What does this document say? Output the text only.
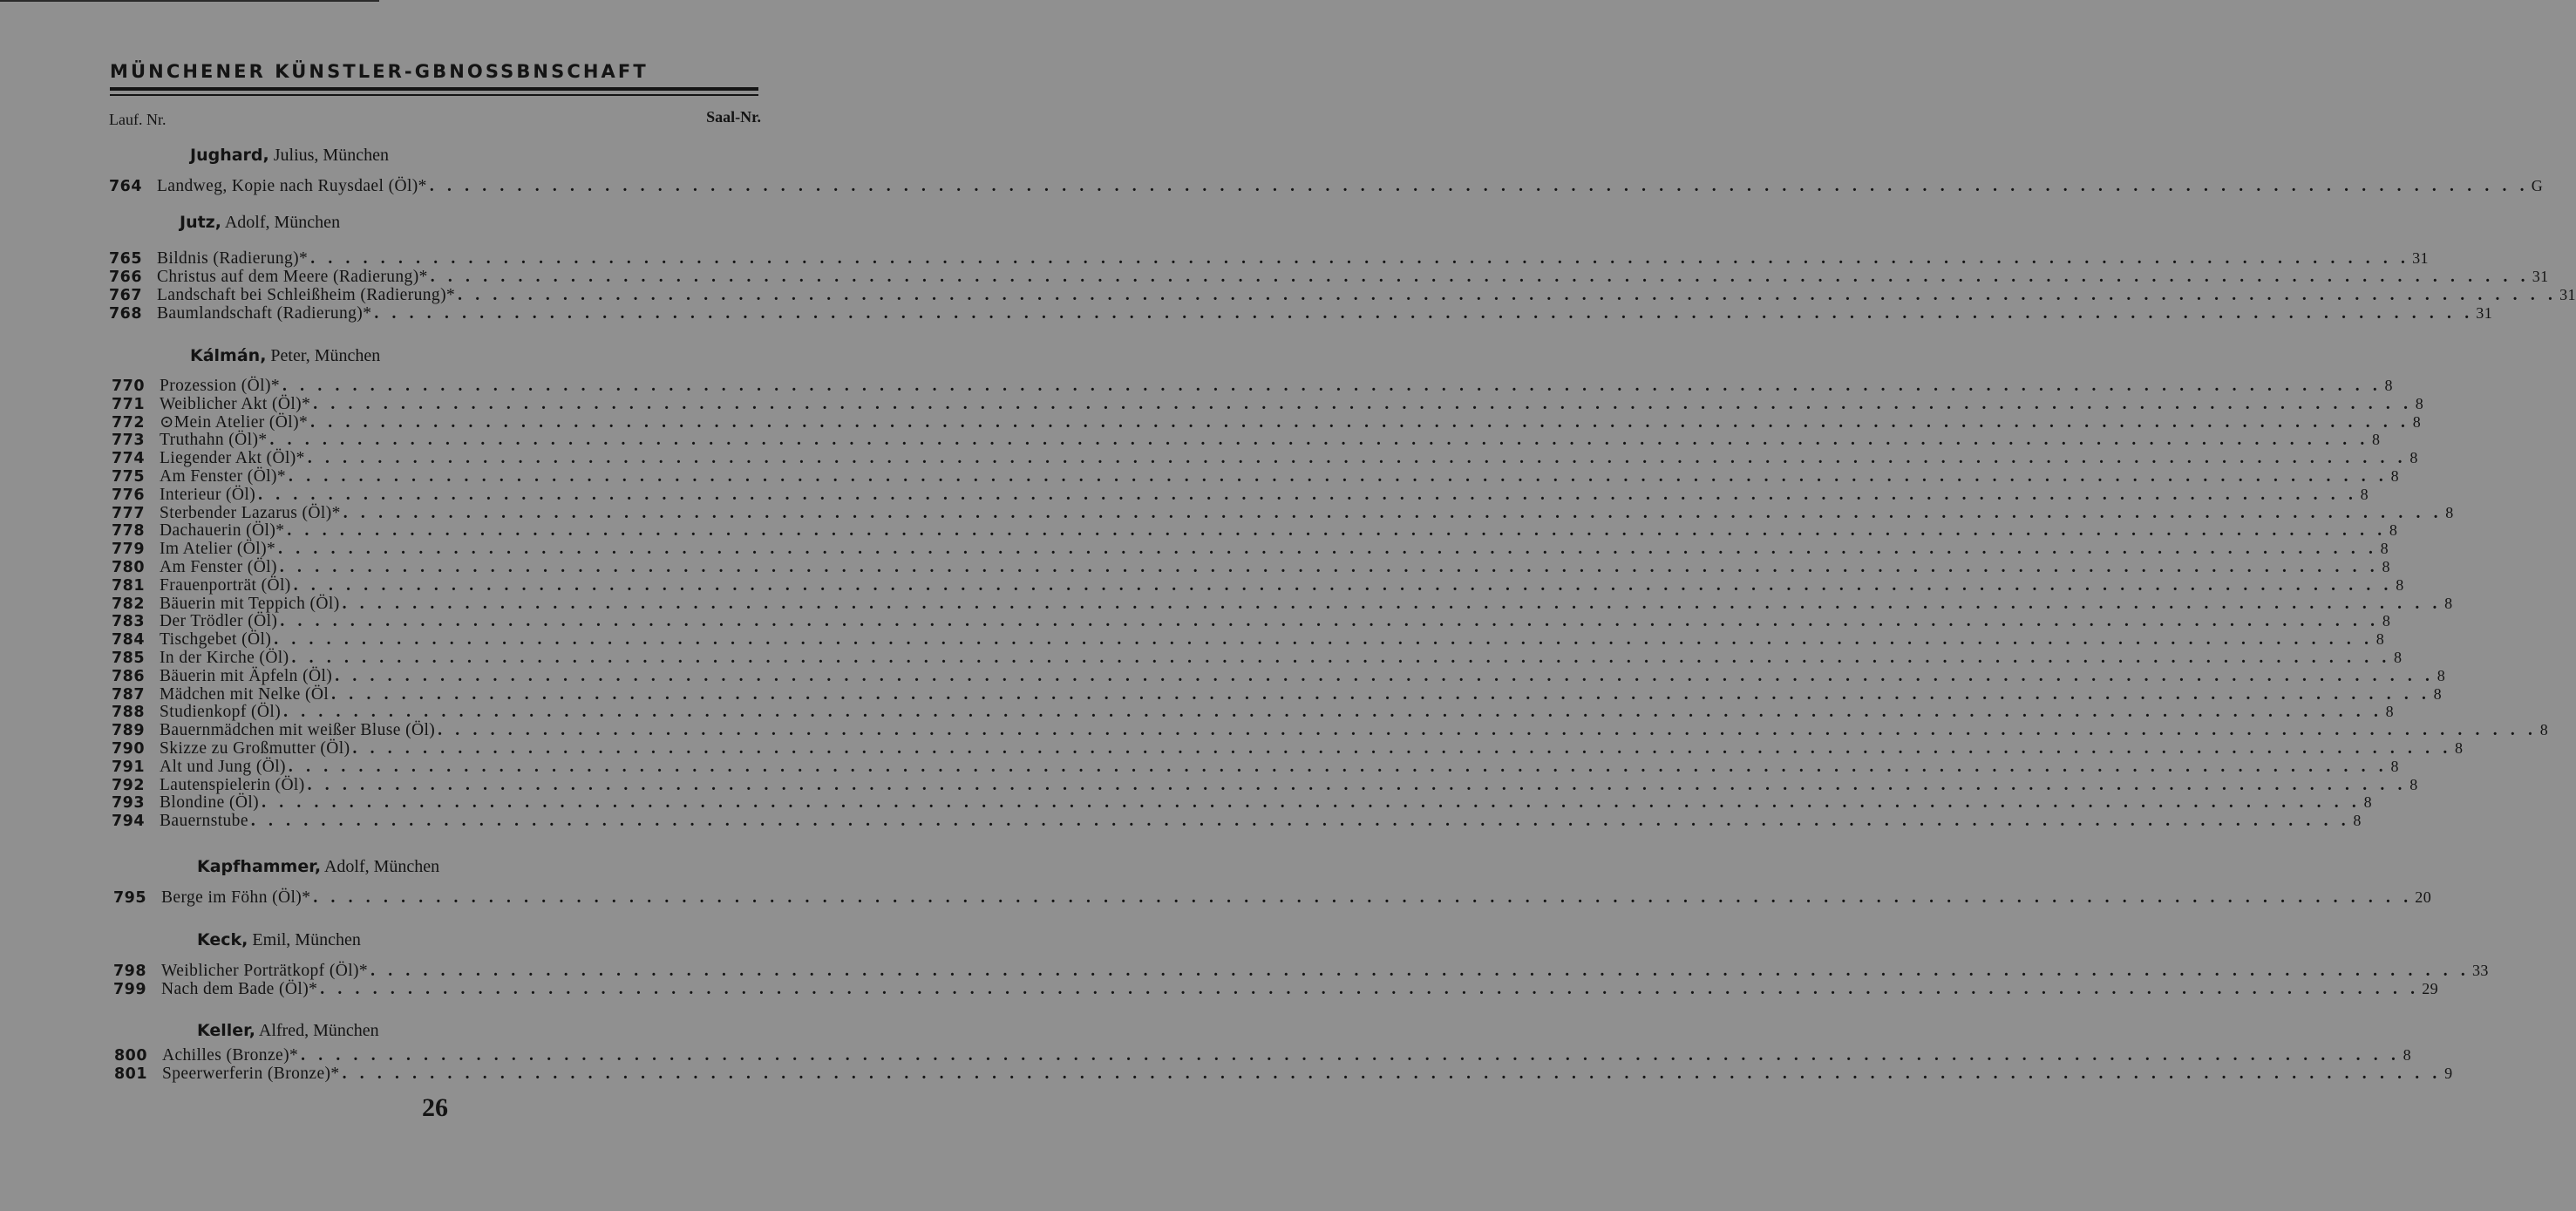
MÜNCHENER KÜNSTLER-GBNOSSBNSCHAFT
Lauf. Nr.	Saal-Nr.
Jughard, Julius, München
764 Landweg, Kopie nach Ruysdael (Öl)* . . . . . . . . . . . . . . . . . . . . . . . . . . . . . . . . . . . . . . . . . . . . . . . . . . . . . . . . . . . . . . . . . . . . . . . . . . . . . . . . . . . . . . . . . . . . . . . . . . . . . . . . . . . . . . . . . . . . . . . . G
Jutz, Adolf, München
765 Bildnis (Radierung)* . . . . . . . . . . . . . . . . . . . . . . . . . . . . . . . . . . . . . . . . . . . . . . . . . . . . . . . . . . . . . . . . . . . . . . . . . . . . . . . . . . . . . . . . . . . . . . . . . . . . . . . . . . . . . . . . . . . . . . . . 31
766 Christus auf dem Meere (Radierung)* . . . . . . . . . . . . . . . . . . . . . . . . . . . . . . . . . . . . . . . . . . . . . . . . . . . . . . . . . . . . . . . . . . . . . . . . . . . . . . . . . . . . . . . . . . . . . . . . . . . . . . . . . . . . . . . . . . . . . . . . 31
767 Landschaft bei Schleißheim (Radierung)* . . . . . . . . . . . . . . . . . . . . . . . . . . . . . . . . . . . . . . . . . . . . . . . . . . . . . . . . . . . . . . . . . . . . . . . . . . . . . . . . . . . . . . . . . . . . . . . . . . . . . . . . . . . . . . . . . . . . . . . . 31
768 Baumlandschaft (Radierung)* . . . . . . . . . . . . . . . . . . . . . . . . . . . . . . . . . . . . . . . . . . . . . . . . . . . . . . . . . . . . . . . . . . . . . . . . . . . . . . . . . . . . . . . . . . . . . . . . . . . . . . . . . . . . . . . . . . . . . . . . 31
Kálmán, Peter, München
770 Prozession (Öl)* . . . . . . . . . . . . . . . . . . . . . . . . . . . . . . . . . . . . . . . . . . . . . . . . . . . . . . . . . . . . . . . . . . . . . . . . . . . . . . . . . . . . . . . . . . . . . . . . . . . . . . . . . . . . . . . . . . . . . . . . 8
771 Weiblicher Akt (Öl)* . . . . . . . . . . . . . . . . . . . . . . . . . . . . . . . . . . . . . . . . . . . . . . . . . . . . . . . . . . . . . . . . . . . . . . . . . . . . . . . . . . . . . . . . . . . . . . . . . . . . . . . . . . . . . . . . . . . . . . . . 8
772 ⊙Mein Atelier (Öl)* . . . . . . . . . . . . . . . . . . . . . . . . . . . . . . . . . . . . . . . . . . . . . . . . . . . . . . . . . . . . . . . . . . . . . . . . . . . . . . . . . . . . . . . . . . . . . . . . . . . . . . . . . . . . . . . . . . . . . . . . 8
773 Truthahn (Öl)* . . . . . . . . . . . . . . . . . . . . . . . . . . . . . . . . . . . . . . . . . . . . . . . . . . . . . . . . . . . . . . . . . . . . . . . . . . . . . . . . . . . . . . . . . . . . . . . . . . . . . . . . . . . . . . . . . . . . . . . . 8
774 Liegender Akt (Öl)* . . . . . . . . . . . . . . . . . . . . . . . . . . . . . . . . . . . . . . . . . . . . . . . . . . . . . . . . . . . . . . . . . . . . . . . . . . . . . . . . . . . . . . . . . . . . . . . . . . . . . . . . . . . . . . . . . . . . . . . . 8
775 Am Fenster (Öl)* . . . . . . . . . . . . . . . . . . . . . . . . . . . . . . . . . . . . . . . . . . . . . . . . . . . . . . . . . . . . . . . . . . . . . . . . . . . . . . . . . . . . . . . . . . . . . . . . . . . . . . . . . . . . . . . . . . . . . . . . 8
776 Interieur (Öl) . . . . . . . . . . . . . . . . . . . . . . . . . . . . . . . . . . . . . . . . . . . . . . . . . . . . . . . . . . . . . . . . . . . . . . . . . . . . . . . . . . . . . . . . . . . . . . . . . . . . . . . . . . . . . . . . . . . . . . . . 8
777 Sterbender Lazarus (Öl)* . . . . . . . . . . . . . . . . . . . . . . . . . . . . . . . . . . . . . . . . . . . . . . . . . . . . . . . . . . . . . . . . . . . . . . . . . . . . . . . . . . . . . . . . . . . . . . . . . . . . . . . . . . . . . . . . . . . . . . . . 8
778 Dachauerin (Öl)* . . . . . . . . . . . . . . . . . . . . . . . . . . . . . . . . . . . . . . . . . . . . . . . . . . . . . . . . . . . . . . . . . . . . . . . . . . . . . . . . . . . . . . . . . . . . . . . . . . . . . . . . . . . . . . . . . . . . . . . . 8
779 Im Atelier (Öl)* . . . . . . . . . . . . . . . . . . . . . . . . . . . . . . . . . . . . . . . . . . . . . . . . . . . . . . . . . . . . . . . . . . . . . . . . . . . . . . . . . . . . . . . . . . . . . . . . . . . . . . . . . . . . . . . . . . . . . . . . 8
780 Am Fenster (Öl) . . . . . . . . . . . . . . . . . . . . . . . . . . . . . . . . . . . . . . . . . . . . . . . . . . . . . . . . . . . . . . . . . . . . . . . . . . . . . . . . . . . . . . . . . . . . . . . . . . . . . . . . . . . . . . . . . . . . . . . . 8
781 Frauenporträt (Öl) . . . . . . . . . . . . . . . . . . . . . . . . . . . . . . . . . . . . . . . . . . . . . . . . . . . . . . . . . . . . . . . . . . . . . . . . . . . . . . . . . . . . . . . . . . . . . . . . . . . . . . . . . . . . . . . . . . . . . . . . 8
782 Bäuerin mit Teppich (Öl) . . . . . . . . . . . . . . . . . . . . . . . . . . . . . . . . . . . . . . . . . . . . . . . . . . . . . . . . . . . . . . . . . . . . . . . . . . . . . . . . . . . . . . . . . . . . . . . . . . . . . . . . . . . . . . . . . . . . . . . . 8
783 Der Trödler (Öl) . . . . . . . . . . . . . . . . . . . . . . . . . . . . . . . . . . . . . . . . . . . . . . . . . . . . . . . . . . . . . . . . . . . . . . . . . . . . . . . . . . . . . . . . . . . . . . . . . . . . . . . . . . . . . . . . . . . . . . . . 8
784 Tischgebet (Öl) . . . . . . . . . . . . . . . . . . . . . . . . . . . . . . . . . . . . . . . . . . . . . . . . . . . . . . . . . . . . . . . . . . . . . . . . . . . . . . . . . . . . . . . . . . . . . . . . . . . . . . . . . . . . . . . . . . . . . . . . 8
785 In der Kirche (Öl) . . . . . . . . . . . . . . . . . . . . . . . . . . . . . . . . . . . . . . . . . . . . . . . . . . . . . . . . . . . . . . . . . . . . . . . . . . . . . . . . . . . . . . . . . . . . . . . . . . . . . . . . . . . . . . . . . . . . . . . . 8
786 Bäuerin mit Äpfeln (Öl) . . . . . . . . . . . . . . . . . . . . . . . . . . . . . . . . . . . . . . . . . . . . . . . . . . . . . . . . . . . . . . . . . . . . . . . . . . . . . . . . . . . . . . . . . . . . . . . . . . . . . . . . . . . . . . . . . . . . . . . . 8
787 Mädchen mit Nelke (Öl . . . . . . . . . . . . . . . . . . . . . . . . . . . . . . . . . . . . . . . . . . . . . . . . . . . . . . . . . . . . . . . . . . . . . . . . . . . . . . . . . . . . . . . . . . . . . . . . . . . . . . . . . . . . . . . . . . . . . . . . 8
788 Studienkopf (Öl) . . . . . . . . . . . . . . . . . . . . . . . . . . . . . . . . . . . . . . . . . . . . . . . . . . . . . . . . . . . . . . . . . . . . . . . . . . . . . . . . . . . . . . . . . . . . . . . . . . . . . . . . . . . . . . . . . . . . . . . . 8
789 Bauernmädchen mit weißer Bluse (Öl) . . . . . . . . . . . . . . . . . . . . . . . . . . . . . . . . . . . . . . . . . . . . . . . . . . . . . . . . . . . . . . . . . . . . . . . . . . . . . . . . . . . . . . . . . . . . . . . . . . . . . . . . . . . . . . . . . . . . . . . . 8
790 Skizze zu Großmutter (Öl) . . . . . . . . . . . . . . . . . . . . . . . . . . . . . . . . . . . . . . . . . . . . . . . . . . . . . . . . . . . . . . . . . . . . . . . . . . . . . . . . . . . . . . . . . . . . . . . . . . . . . . . . . . . . . . . . . . . . . . . . 8
791 Alt und Jung (Öl) . . . . . . . . . . . . . . . . . . . . . . . . . . . . . . . . . . . . . . . . . . . . . . . . . . . . . . . . . . . . . . . . . . . . . . . . . . . . . . . . . . . . . . . . . . . . . . . . . . . . . . . . . . . . . . . . . . . . . . . . 8
792 Lautenspielerin (Öl) . . . . . . . . . . . . . . . . . . . . . . . . . . . . . . . . . . . . . . . . . . . . . . . . . . . . . . . . . . . . . . . . . . . . . . . . . . . . . . . . . . . . . . . . . . . . . . . . . . . . . . . . . . . . . . . . . . . . . . . . 8
793 Blondine (Öl) . . . . . . . . . . . . . . . . . . . . . . . . . . . . . . . . . . . . . . . . . . . . . . . . . . . . . . . . . . . . . . . . . . . . . . . . . . . . . . . . . . . . . . . . . . . . . . . . . . . . . . . . . . . . . . . . . . . . . . . . 8
794 Bauernstube . . . . . . . . . . . . . . . . . . . . . . . . . . . . . . . . . . . . . . . . . . . . . . . . . . . . . . . . . . . . . . . . . . . . . . . . . . . . . . . . . . . . . . . . . . . . . . . . . . . . . . . . . . . . . . . . . . . . . . . . 8
Kapfhammer, Adolf, München
795 Berge im Föhn (Öl)* . . . . . . . . . . . . . . . . . . . . . . . . . . . . . . . . . . . . . . . . . . . . . . . . . . . . . . . . . . . . . . . . . . . . . . . . . . . . . . . . . . . . . . . . . . . . . . . . . . . . . . . . . . . . . . . . . . . . . . . . 20
Keck, Emil, München
798 Weiblicher Porträtkopf (Öl)* . . . . . . . . . . . . . . . . . . . . . . . . . . . . . . . . . . . . . . . . . . . . . . . . . . . . . . . . . . . . . . . . . . . . . . . . . . . . . . . . . . . . . . . . . . . . . . . . . . . . . . . . . . . . . . . . . . . . . . . . 33
799 Nach dem Bade (Öl)* . . . . . . . . . . . . . . . . . . . . . . . . . . . . . . . . . . . . . . . . . . . . . . . . . . . . . . . . . . . . . . . . . . . . . . . . . . . . . . . . . . . . . . . . . . . . . . . . . . . . . . . . . . . . . . . . . . . . . . . . 29
Keller, Alfred, München
800 Achilles (Bronze)* . . . . . . . . . . . . . . . . . . . . . . . . . . . . . . . . . . . . . . . . . . . . . . . . . . . . . . . . . . . . . . . . . . . . . . . . . . . . . . . . . . . . . . . . . . . . . . . . . . . . . . . . . . . . . . . . . . . . . . . . 8
801 Speerwerferin (Bronze)* . . . . . . . . . . . . . . . . . . . . . . . . . . . . . . . . . . . . . . . . . . . . . . . . . . . . . . . . . . . . . . . . . . . . . . . . . . . . . . . . . . . . . . . . . . . . . . . . . . . . . . . . . . . . . . . . . . . . . . . . 9
26
